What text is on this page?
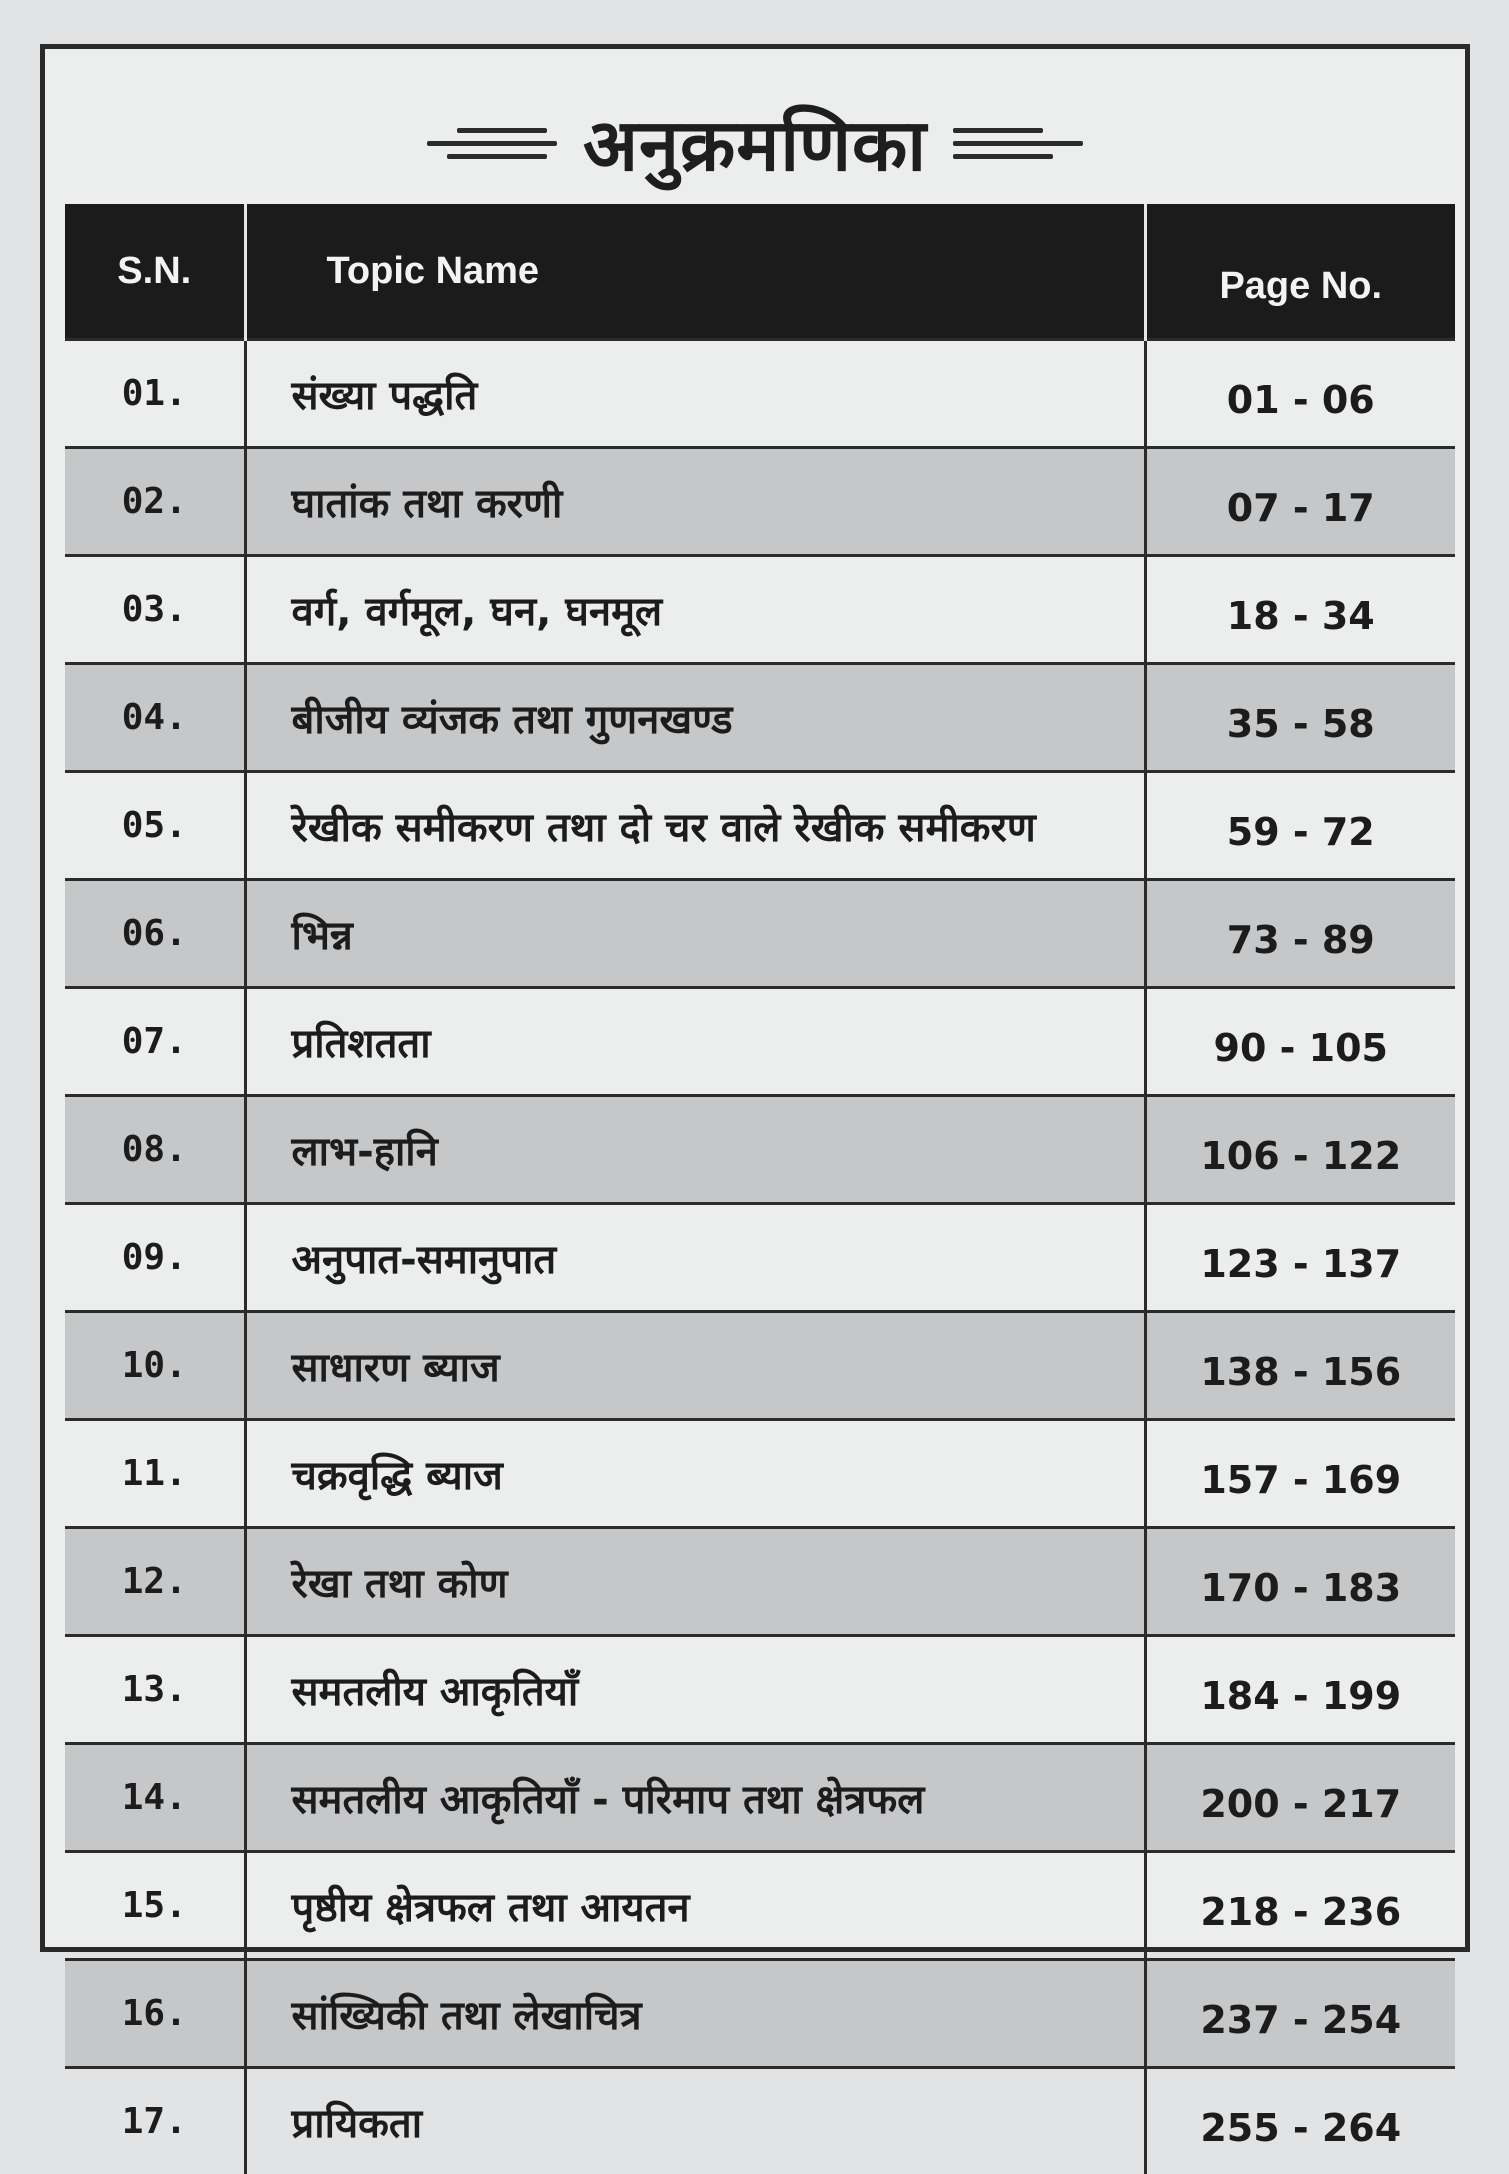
अनुक्रमणिका
S.N.	Topic Name	Page No.
01.	संख्या पद्धति	01 - 06
02.	घातांक तथा करणी	07 - 17
03.	वर्ग, वर्गमूल, घन, घनमूल	18 - 34
04.	बीजीय व्यंजक तथा गुणनखण्ड	35 - 58
05.	रेखीक समीकरण तथा दो चर वाले रेखीक समीकरण	59 - 72
06.	भिन्न	73 - 89
07.	प्रतिशतता	90 - 105
08.	लाभ-हानि	106 - 122
09.	अनुपात-समानुपात	123 - 137
10.	साधारण ब्याज	138 - 156
11.	चक्रवृद्धि ब्याज	157 - 169
12.	रेखा तथा कोण	170 - 183
13.	समतलीय आकृतियाँ	184 - 199
14.	समतलीय आकृतियाँ - परिमाप तथा क्षेत्रफल	200 - 217
15.	पृष्ठीय क्षेत्रफल तथा आयतन	218 - 236
16.	सांख्यिकी तथा लेखाचित्र	237 - 254
17.	प्रायिकता	255 - 264
